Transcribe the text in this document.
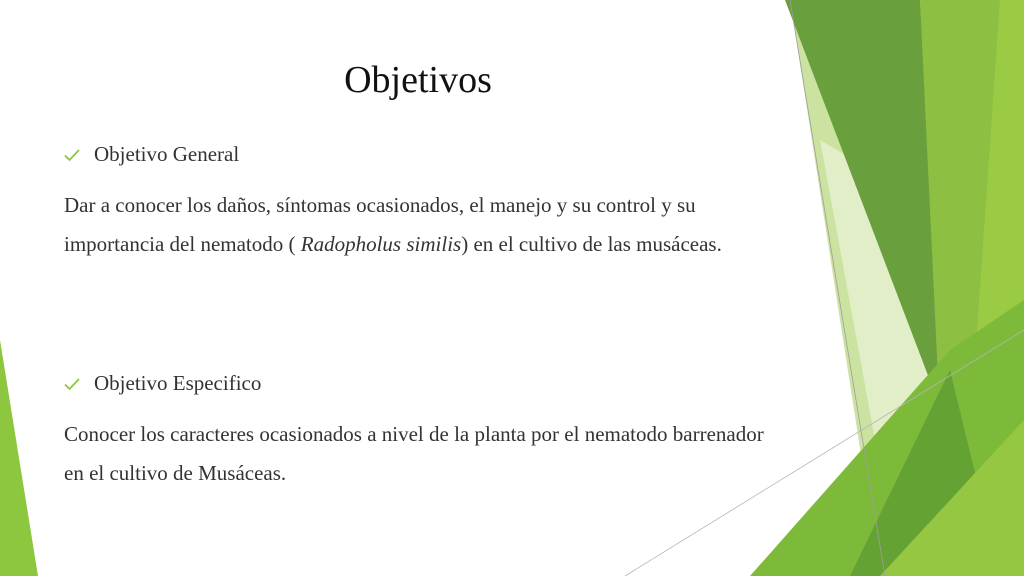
Objetivos
Objetivo General
Dar a conocer los daños, síntomas ocasionados, el manejo y su control y su importancia del nematodo ( Radopholus similis) en el cultivo de las musáceas.
Objetivo Especifico
Conocer los caracteres ocasionados a nivel de la planta por el nematodo barrenador en el cultivo de Musáceas.
